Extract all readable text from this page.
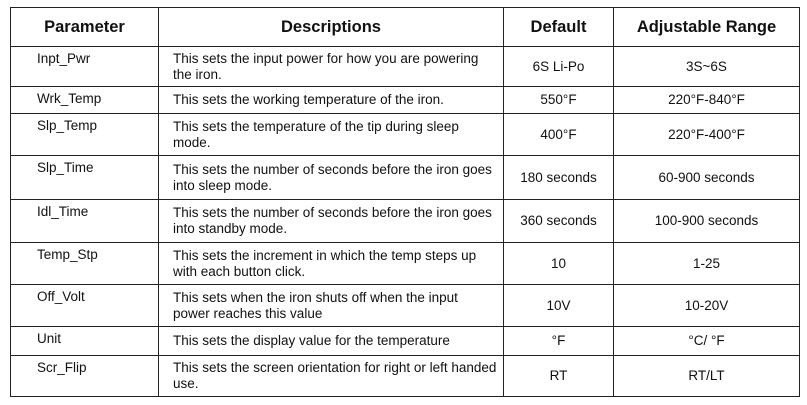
Parameter	Descriptions	Default	Adjustable Range
Inpt_Pwr	This sets the input power for how you are powering the iron.	6S Li-Po	3S~6S
Wrk_Temp	This sets the working temperature of the iron.	550°F	220°F-840°F
Slp_Temp	This sets the temperature of the tip during sleep mode.	400°F	220°F-400°F
Slp_Time	This sets the number of seconds before the iron goes into sleep mode.	180 seconds	60-900 seconds
Idl_Time	This sets the number of seconds before the iron goes into standby mode.	360 seconds	100-900 seconds
Temp_Stp	This sets the increment in which the temp steps up with each button click.	10	1-25
Off_Volt	This sets when the iron shuts off when the input power reaches this value	10V	10-20V
Unit	This sets the display value for the temperature	°F	°C/ °F
Scr_Flip	This sets the screen orientation for right or left handed use.	RT	RT/LT
